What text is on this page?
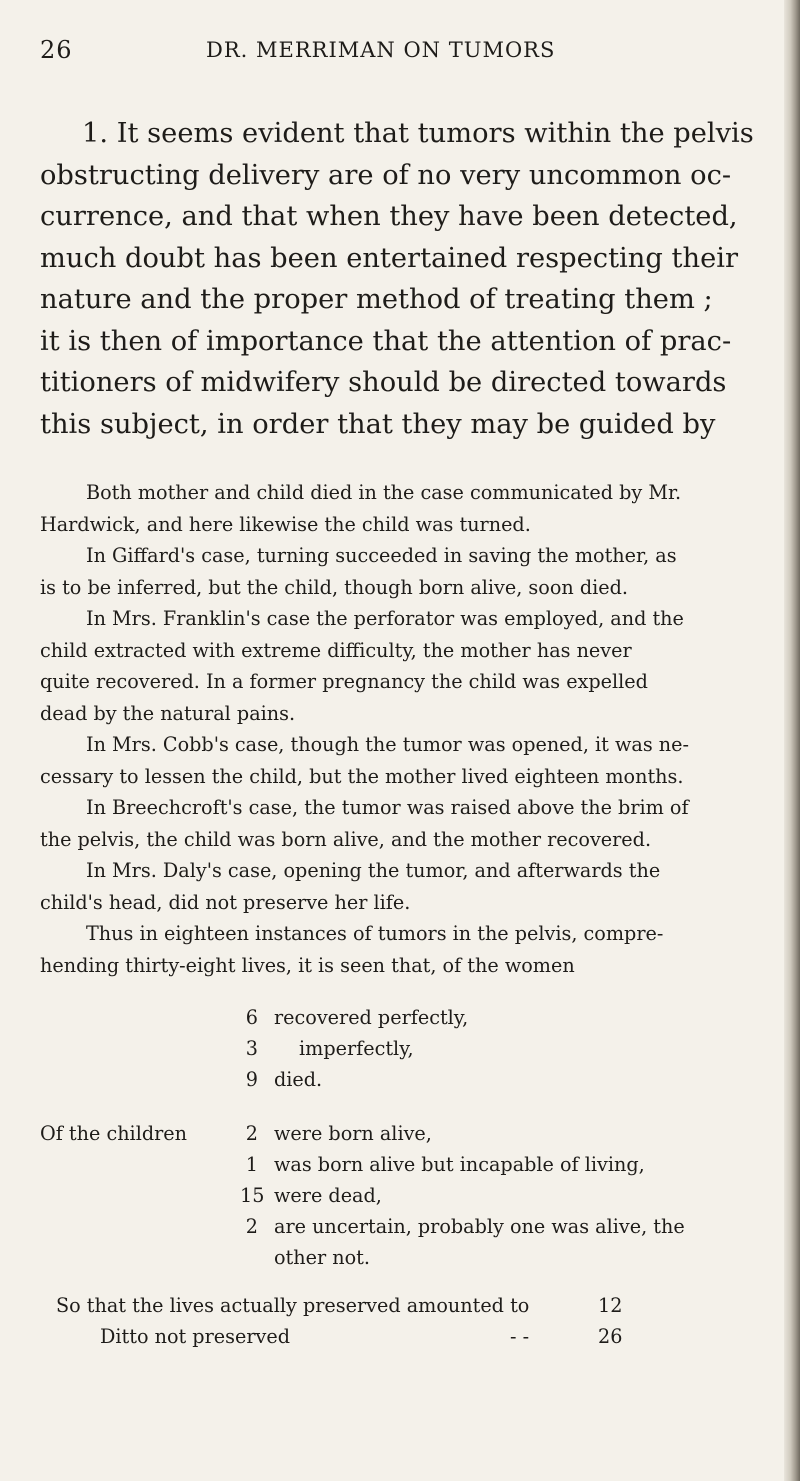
26	DR. MERRIMAN ON TUMORS
1. It seems evident that tumors within the pelvis
obstructing delivery are of no very uncommon oc-
currence, and that when they have been detected,
much doubt has been entertained respecting their
nature and the proper method of treating them ;
it is then of importance that the attention of prac-
titioners of midwifery should be directed towards
this subject, in order that they may be guided by
Both mother and child died in the case communicated by Mr.
Hardwick, and here likewise the child was turned.
In Giffard's case, turning succeeded in saving the mother, as
is to be inferred, but the child, though born alive, soon died.
In Mrs. Franklin's case the perforator was employed, and the
child extracted with extreme difficulty, the mother has never
quite recovered. In a former pregnancy the child was expelled
dead by the natural pains.
In Mrs. Cobb's case, though the tumor was opened, it was ne-
cessary to lessen the child, but the mother lived eighteen months.
In Breechcroft's case, the tumor was raised above the brim of
the pelvis, the child was born alive, and the mother recovered.
In Mrs. Daly's case, opening the tumor, and afterwards the
child's head, did not preserve her life.
Thus in eighteen instances of tumors in the pelvis, compre-
hending thirty-eight lives, it is seen that, of the women
6 recovered perfectly,
3 imperfectly,
9 died.
Of the children	2 were born alive,
1 was born alive but incapable of living,
15 were dead,
2 are uncertain, probably one was alive, the
other not.
So that the lives actually preserved amounted to	12
Ditto not preserved	- -	26
